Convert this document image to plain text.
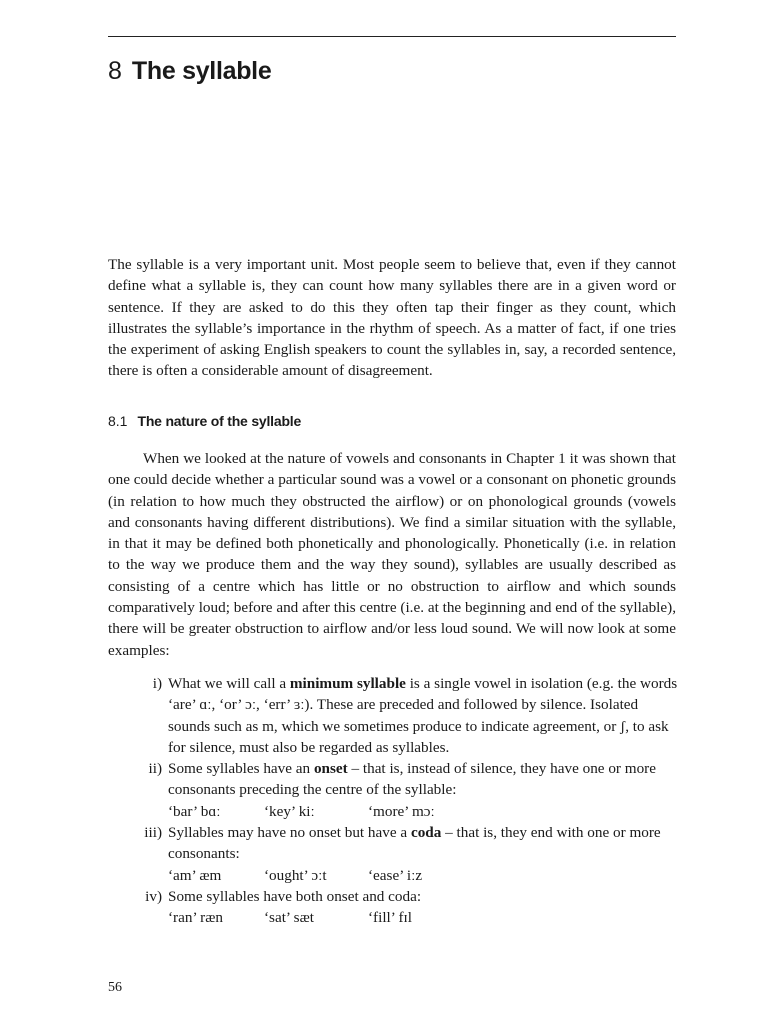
8 The syllable

The syllable is a very important unit. Most people seem to believe that, even if they cannot define what a syllable is, they can count how many syllables there are in a given word or sentence. If they are asked to do this they often tap their finger as they count, which illustrates the syllable’s importance in the rhythm of speech. As a matter of fact, if one tries the experiment of asking English speakers to count the syllables in, say, a recorded sentence, there is often a considerable amount of disagreement.

8.1 The nature of the syllable

When we looked at the nature of vowels and consonants in Chapter 1 it was shown that one could decide whether a particular sound was a vowel or a consonant on phonetic grounds (in relation to how much they obstructed the airflow) or on phonological grounds (vowels and consonants having different distributions). We find a similar situation with the syllable, in that it may be defined both phonetically and phonologically. Phonetically (i.e. in relation to the way we produce them and the way they sound), syllables are usually described as consisting of a centre which has little or no obstruction to airflow and which sounds comparatively loud; before and after this centre (i.e. at the beginning and end of the syllable), there will be greater obstruction to airflow and/or less loud sound. We will now look at some examples:

i) What we will call a minimum syllable is a single vowel in isolation (e.g. the words ‘are’ ɑː, ‘or’ ɔː, ‘err’ ɜː). These are preceded and followed by silence. Isolated sounds such as m, which we sometimes produce to indicate agreement, or ʃ, to ask for silence, must also be regarded as syllables.
ii) Some syllables have an onset – that is, instead of silence, they have one or more consonants preceding the centre of the syllable:
‘bar’ bɑː	‘key’ kiː	‘more’ mɔː
iii) Syllables may have no onset but have a coda – that is, they end with one or more consonants:
‘am’ æm	‘ought’ ɔːt	‘ease’ iːz
iv) Some syllables have both onset and coda:
‘ran’ ræn	‘sat’ sæt	‘fill’ fɪl
56
